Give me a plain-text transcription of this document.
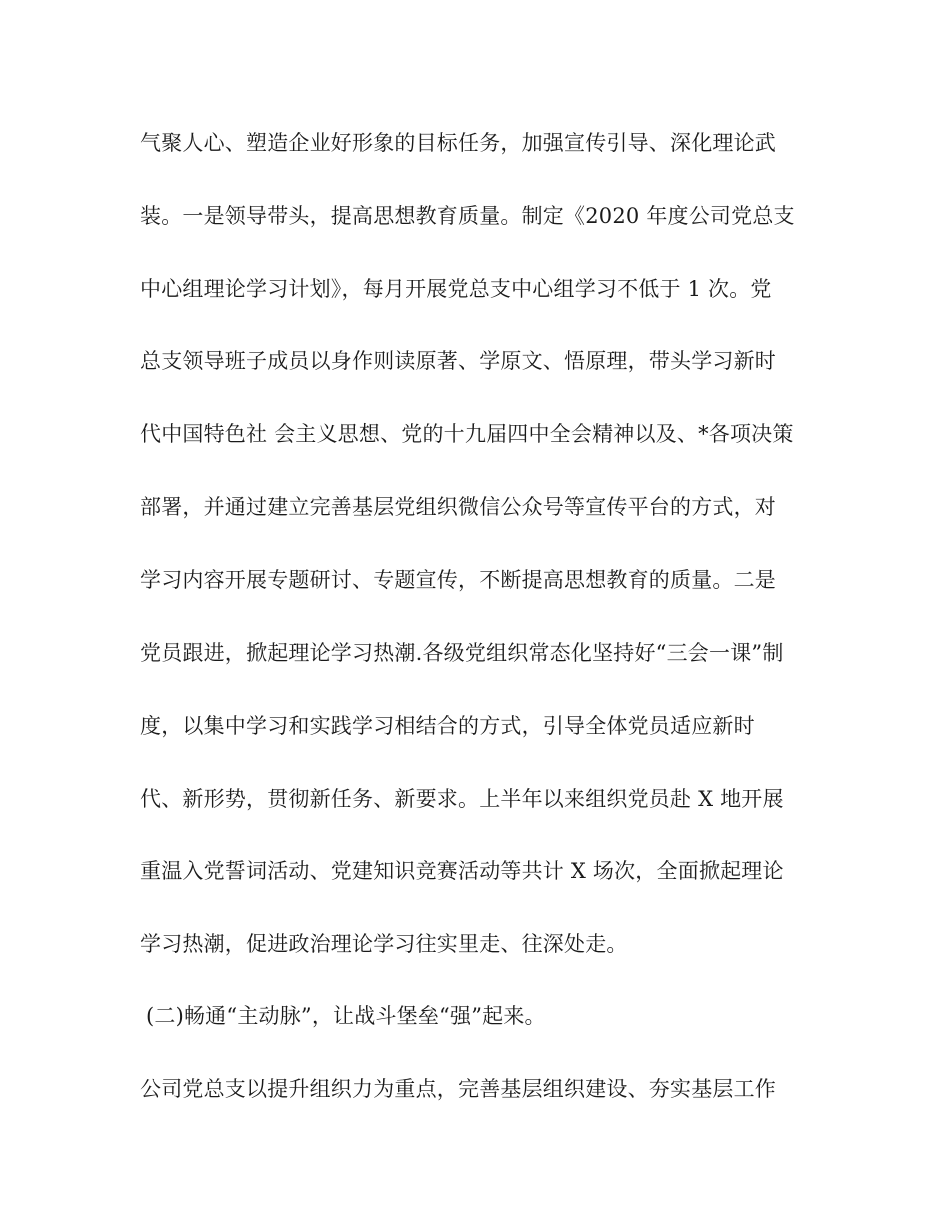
气聚人心、塑造企业好形象的目标任务，加强宣传引导、深化理论武
装。一是领导带头，提高思想教育质量。制定《2020 年度公司党总支
中心组理论学习计划》，每月开展党总支中心组学习不低于 1 次。党
总支领导班子成员以身作则读原著、学原文、悟原理，带头学习新时
代中国特色社 会主义思想、党的十九届四中全会精神以及、*各项决策
部署，并通过建立完善基层党组织微信公众号等宣传平台的方式，对
学习内容开展专题研讨、专题宣传，不断提高思想教育的质量。二是
党员跟进，掀起理论学习热潮.各级党组织常态化坚持好“三会一课”制
度，以集中学习和实践学习相结合的方式，引导全体党员适应新时
代、新形势，贯彻新任务、新要求。上半年以来组织党员赴 X 地开展
重温入党誓词活动、党建知识竞赛活动等共计 X 场次，全面掀起理论
学习热潮，促进政治理论学习往实里走、往深处走。
(二)畅通“主动脉”，让战斗堡垒“强”起来。
公司党总支以提升组织力为重点，完善基层组织建设、夯实基层工作
